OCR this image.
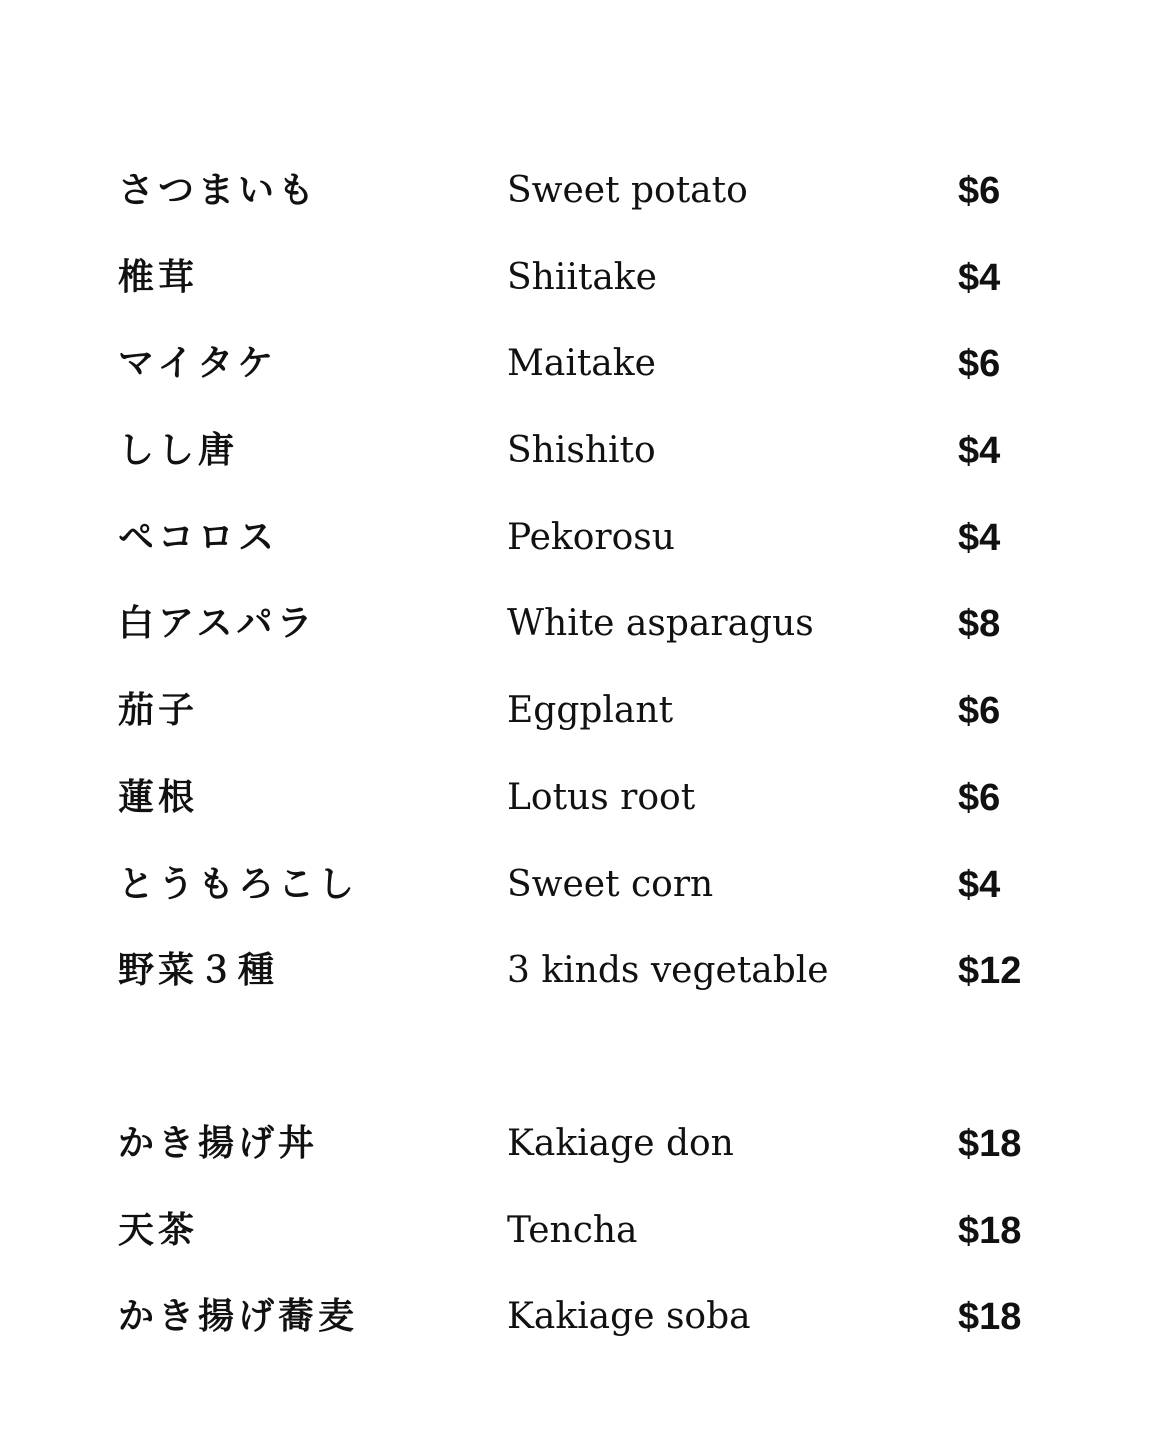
さつまいも	Sweet potato	$6
椎茸	Shiitake	$4
マイタケ	Maitake	$6
しし唐	Shishito	$4
ペコロス	Pekorosu	$4
白アスパラ	White asparagus	$8
茄子	Eggplant	$6
蓮根	Lotus root	$6
とうもろこし	Sweet corn	$4
野菜３種	3 kinds vegetable	$12
かき揚げ丼	Kakiage don	$18
天茶	Tencha	$18
かき揚げ蕎麦	Kakiage soba	$18
